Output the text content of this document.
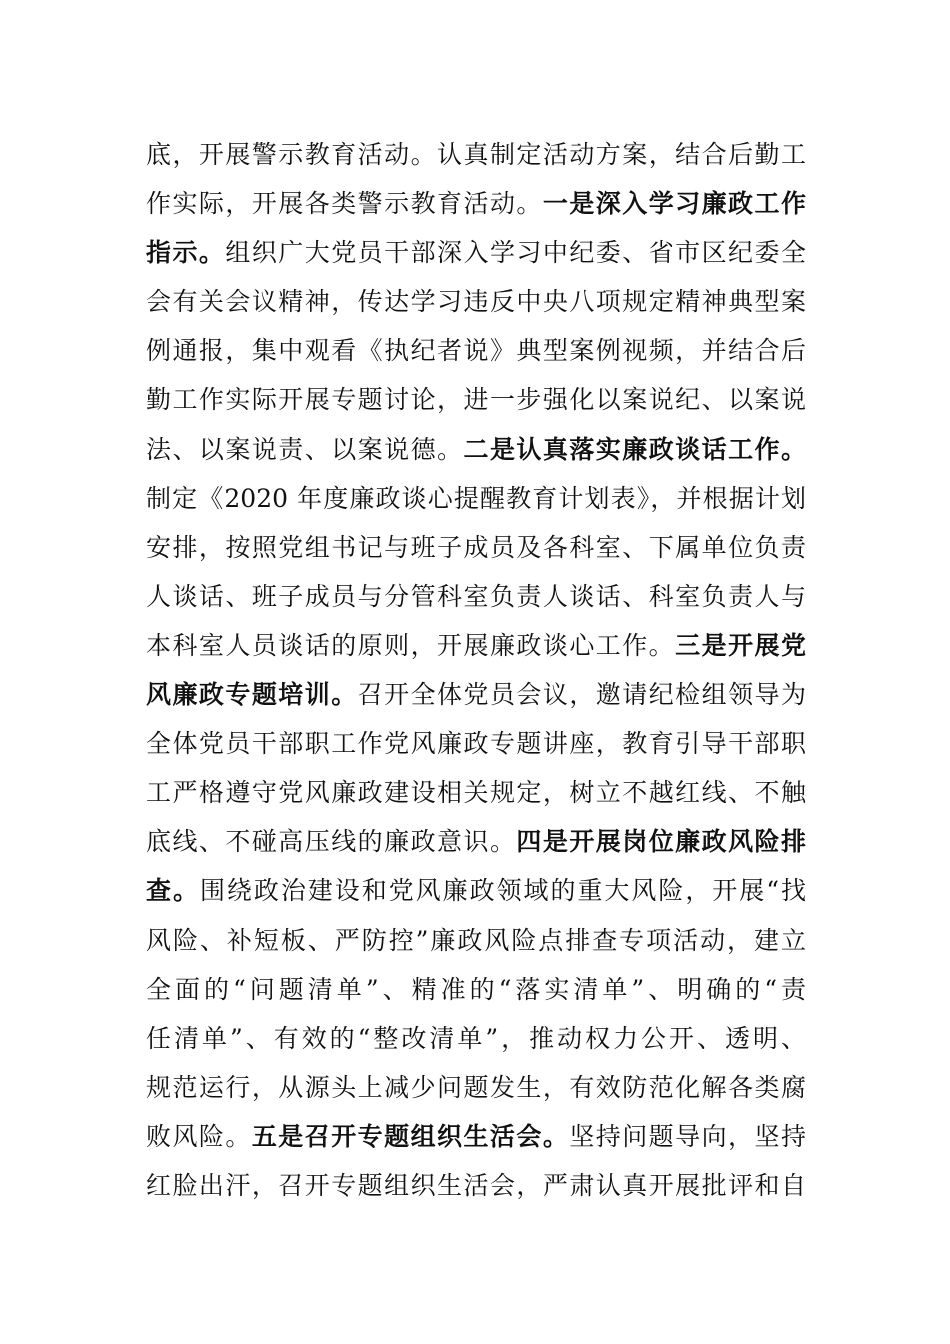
底，开展警示教育活动。认真制定活动方案，结合后勤工
作实际，开展各类警示教育活动。一是深入学习廉政工作
指示。组织广大党员干部深入学习中纪委、省市区纪委全
会有关会议精神，传达学习违反中央八项规定精神典型案
例通报，集中观看《执纪者说》典型案例视频，并结合后
勤工作实际开展专题讨论，进一步强化以案说纪、以案说
法、以案说责、以案说德。二是认真落实廉政谈话工作。
制定《2020 年度廉政谈心提醒教育计划表》，并根据计划
安排，按照党组书记与班子成员及各科室、下属单位负责
人谈话、班子成员与分管科室负责人谈话、科室负责人与
本科室人员谈话的原则，开展廉政谈心工作。三是开展党
风廉政专题培训。召开全体党员会议，邀请纪检组领导为
全体党员干部职工作党风廉政专题讲座，教育引导干部职
工严格遵守党风廉政建设相关规定，树立不越红线、不触
底线、不碰高压线的廉政意识。四是开展岗位廉政风险排
查。围绕政治建设和党风廉政领域的重大风险，开展“找
风险、补短板、严防控”廉政风险点排查专项活动，建立
全面的“问题清单”、精准的“落实清单”、明确的“责
任清单”、有效的“整改清单”，推动权力公开、透明、
规范运行，从源头上减少问题发生，有效防范化解各类腐
败风险。五是召开专题组织生活会。坚持问题导向，坚持
红脸出汗，召开专题组织生活会，严肃认真开展批评和自
